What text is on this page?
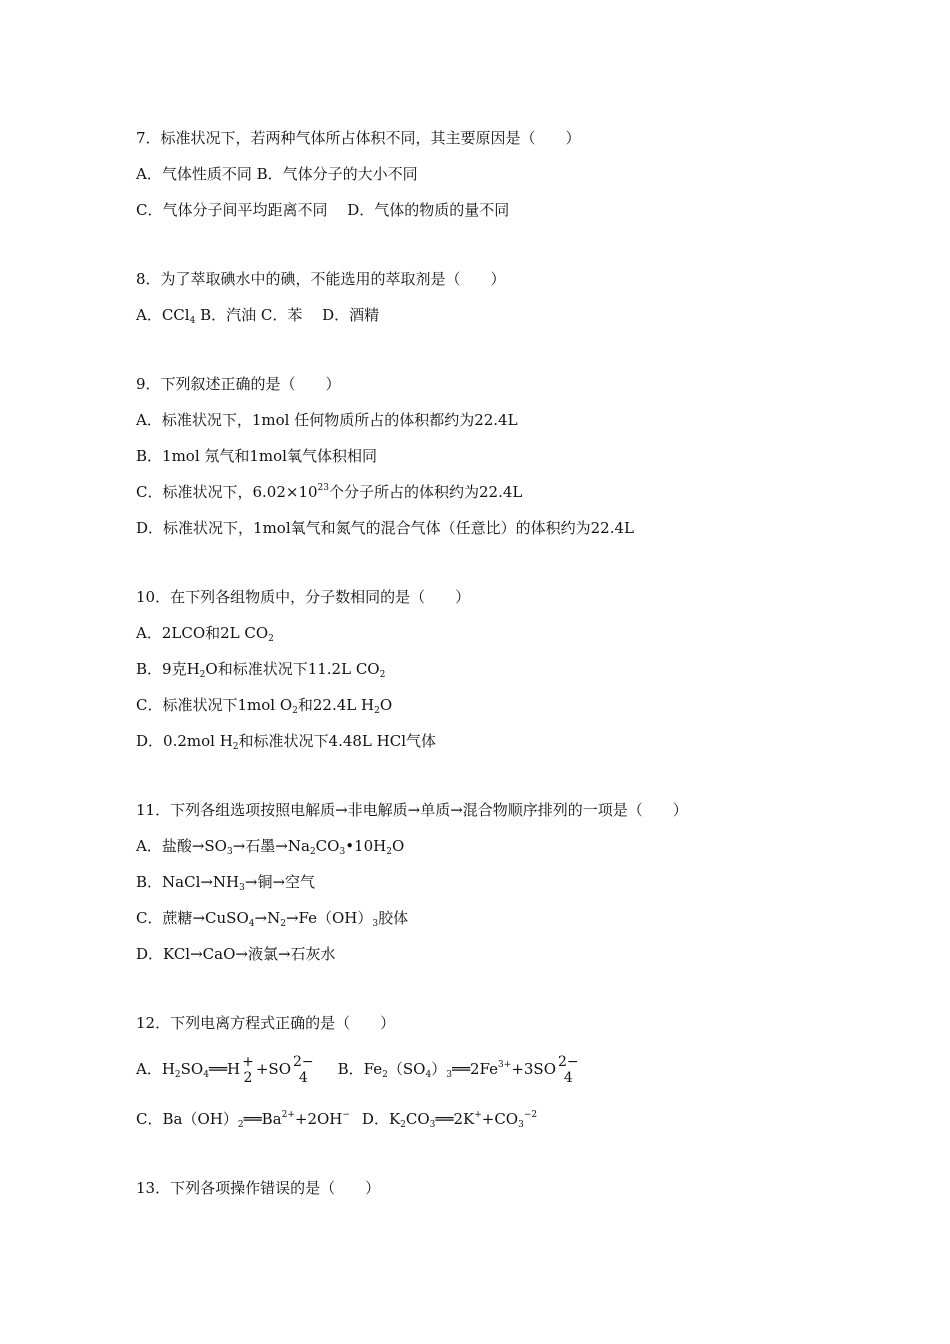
7．标准状况下，若两种气体所占体积不同，其主要原因是（　　）
A．气体性质不同 B．气体分子的大小不同
C．气体分子间平均距离不同　 D．气体的物质的量不同
8．为了萃取碘水中的碘，不能选用的萃取剂是（　　）
A．CCl$_4$ B．汽油 C．苯　 D．酒精
9．下列叙述正确的是（　　）
A．标准状况下，1mol 任何物质所占的体积都约为22.4L
B．1mol 氖气和1mol氧气体积相同
C．标准状况下，$6.02\times 10^{23}$个分子所占的体积约为22.4L
D．标准状况下，1mol氧气和氮气的混合气体（任意比）的体积约为22.4L
10．在下列各组物质中，分子数相同的是（　　）
A．2LCO和2L $CO_2$
B．9克$H_2O$和标准状况下11.2L $CO_2$
C．标准状况下1mol $O_2$和22.4L $H_2O$
D．0.2mol $H_2$和标准状况下4.48L HCl气体
11．下列各组选项按照电解质→非电解质→单质→混合物顺序排列的一项是（　　）
A．盐酸$\to SO_3\to$石墨$\to Na_2CO_3•10H_2O$
B．$NaCl\to NH_3\to$铜→空气
C．蔗糖$\to CuSO_4\to N_2\to Fe(OH)_3$胶体
D．KCl→CaO→液氯→石灰水
12．下列电离方程式正确的是（　　）
A．$H_2SO_4══H$ +
2 +SO 2−
4	B．$Fe_2(SO_4)_3══2Fe^{3+}+3SO$ 2−
4
C．$Ba(OH)_2══Ba^{2+}+2OH^-$ D．$K_2CO_3══2K^++CO_3^{-2}$
13．下列各项操作错误的是（　　）
